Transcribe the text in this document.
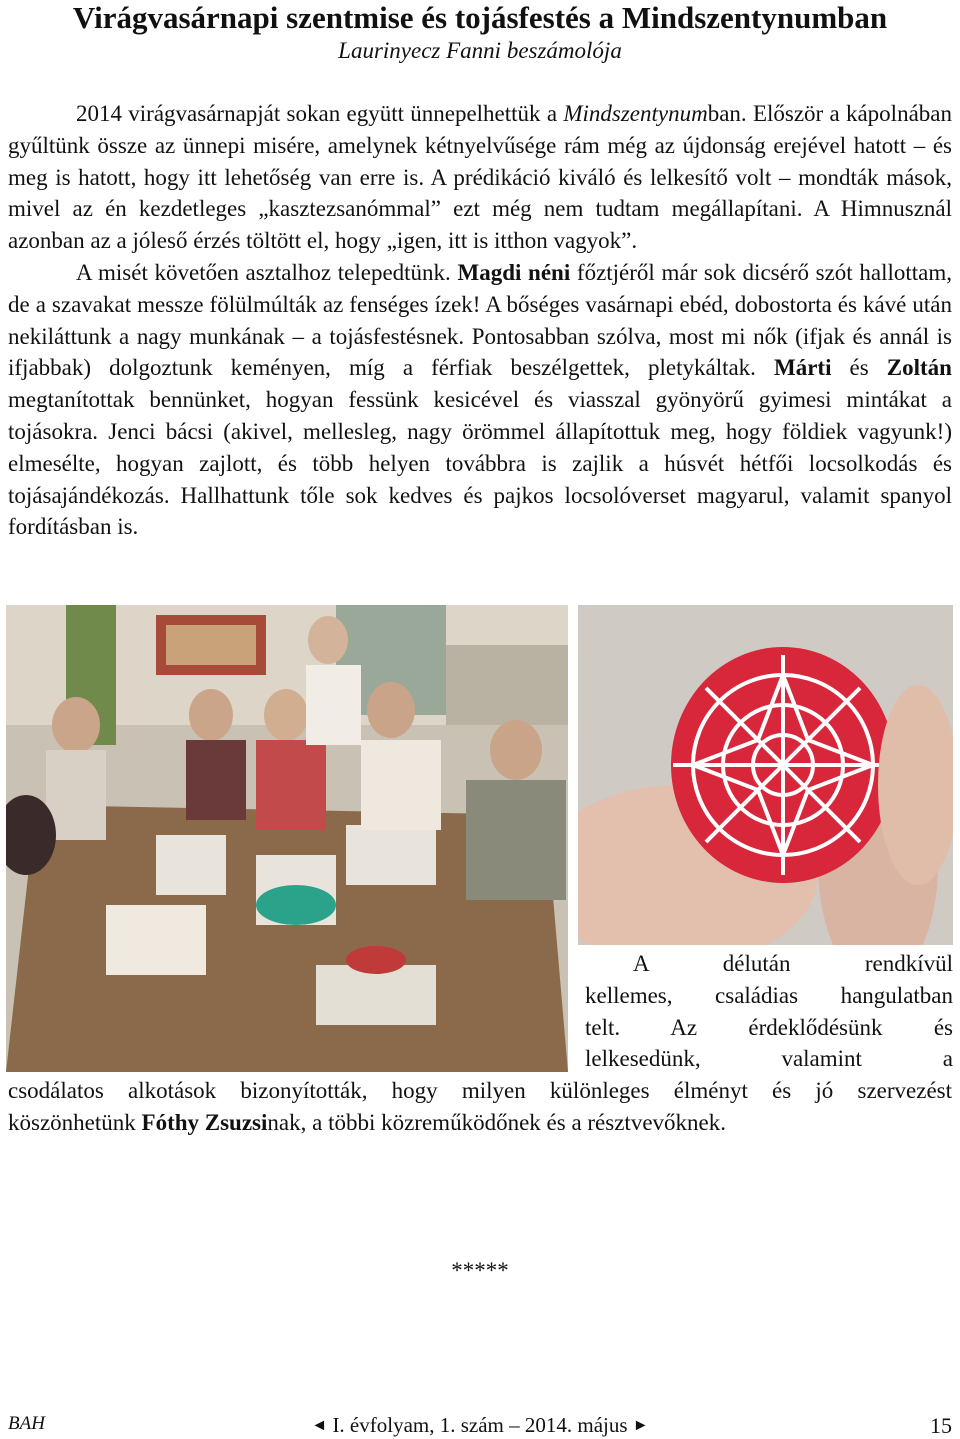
Virágvasárnapi szentmise és tojásfestés a Mindszentynumban
Laurinyecz Fanni beszámolója

2014 virágvasárnapját sokan együtt ünnepelhettük a Mindszentynumban. Először a kápolnában gyűltünk össze az ünnepi misére, amelynek kétnyelvűsége rám még az újdonság erejével hatott – és meg is hatott, hogy itt lehetőség van erre is. A prédikáció kiváló és lelkesítő volt – mondták mások, mivel az én kezdetleges „kasztezsanómmal” ezt még nem tudtam megállapítani. A Himnusznál azonban az a jóleső érzés töltött el, hogy „igen, itt is itthon vagyok”.

A misét követően asztalhoz telepedtünk. Magdi néni főztjéről már sok dicsérő szót hallottam, de a szavakat messze fölülmúlták az fenséges ízek! A bőséges vasárnapi ebéd, dobostorta és kávé után nekiláttunk a nagy munkának – a tojásfestésnek. Pontosabban szólva, most mi nők (ifjak és annál is ifjabbak) dolgoztunk keményen, míg a férfiak beszélgettek, pletykáltak. Márti és Zoltán megtanítottak bennünket, hogyan fessünk kesicével és viasszal gyönyörű gyimesi mintákat a tojásokra. Jenci bácsi (akivel, mellesleg, nagy örömmel állapítottuk meg, hogy földiek vagyunk!) elmesélte, hogyan zajlott, és több helyen továbbra is zajlik a húsvét hétfői locsolkodás és tojásajándékozás. Hallhattunk tőle sok kedves és pajkos locsolóverset magyarul, valamit spanyol fordításban is.

A délután rendkívül
kellemes, családias hangulatban
telt. Az érdeklődésünk és
lelkesedünk, valamint a
csodálatos alkotások bizonyították, hogy milyen különleges élményt és jó szervezést
köszönhetünk Fóthy Zsuzsinak, a többi közreműködőnek és a résztvevőknek.
*****
BAH	◄ I. évfolyam, 1. szám – 2014. május ►	15
